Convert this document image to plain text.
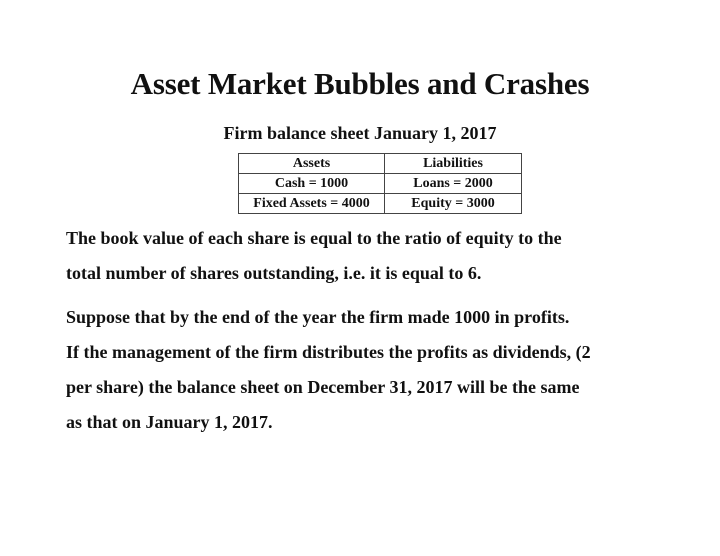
Asset Market Bubbles and Crashes
Firm balance sheet January 1, 2017
Assets	Liabilities
Cash = 1000	Loans = 2000
Fixed Assets = 4000	Equity = 3000
The book value of each share is equal to the ratio of equity to the
total number of shares outstanding, i.e. it is equal to 6.
Suppose that by the end of the year the firm made 1000 in profits.
If the management of the firm distributes the profits as dividends, (2
per share) the balance sheet on December 31, 2017 will be the same
as that on January 1, 2017.
